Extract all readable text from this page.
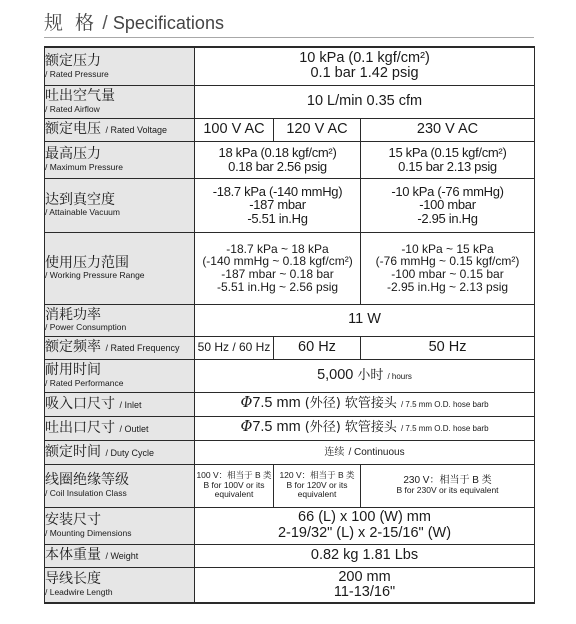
规 格 / Specifications
额定压力
/ Rated Pressure	10 kPa (0.1 kgf/cm²)
0.1 bar 1.42 psig		

吐出空气量
/ Rated Airflow	10 L/min 0.35 cfm		
额定电压 / Rated Voltage	100 V AC	120 V AC	230 V AC

最高压力
/ Maximum Pressure	18 kPa (0.18 kgf/cm²)
0.18 bar 2.56 psig		15 kPa (0.15 kgf/cm²)
0.15 bar 2.13 psig

达到真空度
/ Attainable Vacuum	-18.7 kPa (-140 mmHg)
-187 mbar
-5.51 in.Hg		-10 kPa (-76 mmHg)
-100 mbar
-2.95 in.Hg

使用压力范围
/ Working Pressure Range	-18.7 kPa ~ 18 kPa
(-140 mmHg ~ 0.18 kgf/cm²)
-187 mbar ~ 0.18 bar
-5.51 in.Hg ~ 2.56 psig		-10 kPa ~ 15 kPa
(-76 mmHg ~ 0.15 kgf/cm²)
-100 mbar ~ 0.15 bar
-2.95 in.Hg ~ 2.13 psig

消耗功率
/ Power Consumption	11 W		
额定频率 / Rated Frequency	50 Hz / 60 Hz	60 Hz	50 Hz

耐用时间
/ Rated Performance	5,000 小时 / hours		
吸入口尺寸 / Inlet	Φ7.5 mm (外径) 软管接头 / 7.5 mm O.D. hose barb		
吐出口尺寸 / Outlet	Φ7.5 mm (外径) 软管接头 / 7.5 mm O.D. hose barb		
额定时间 / Duty Cycle	连续 / Continuous		

线圈绝缘等级
/ Coil Insulation Class	100 V：相当于 B 类
B for 100V or its equivalent	120 V：相当于 B 类
B for 120V or its equivalent	230 V：相当于 B 类
B for 230V or its equivalent

安装尺寸
/ Mounting Dimensions	66 (L) x 100 (W) mm
2-19/32" (L) x 2-15/16" (W)		

本体重量 / Weight	0.82 kg 1.81 Lbs		

导线长度
/ Leadwire Length	200 mm
11-13/16"		
